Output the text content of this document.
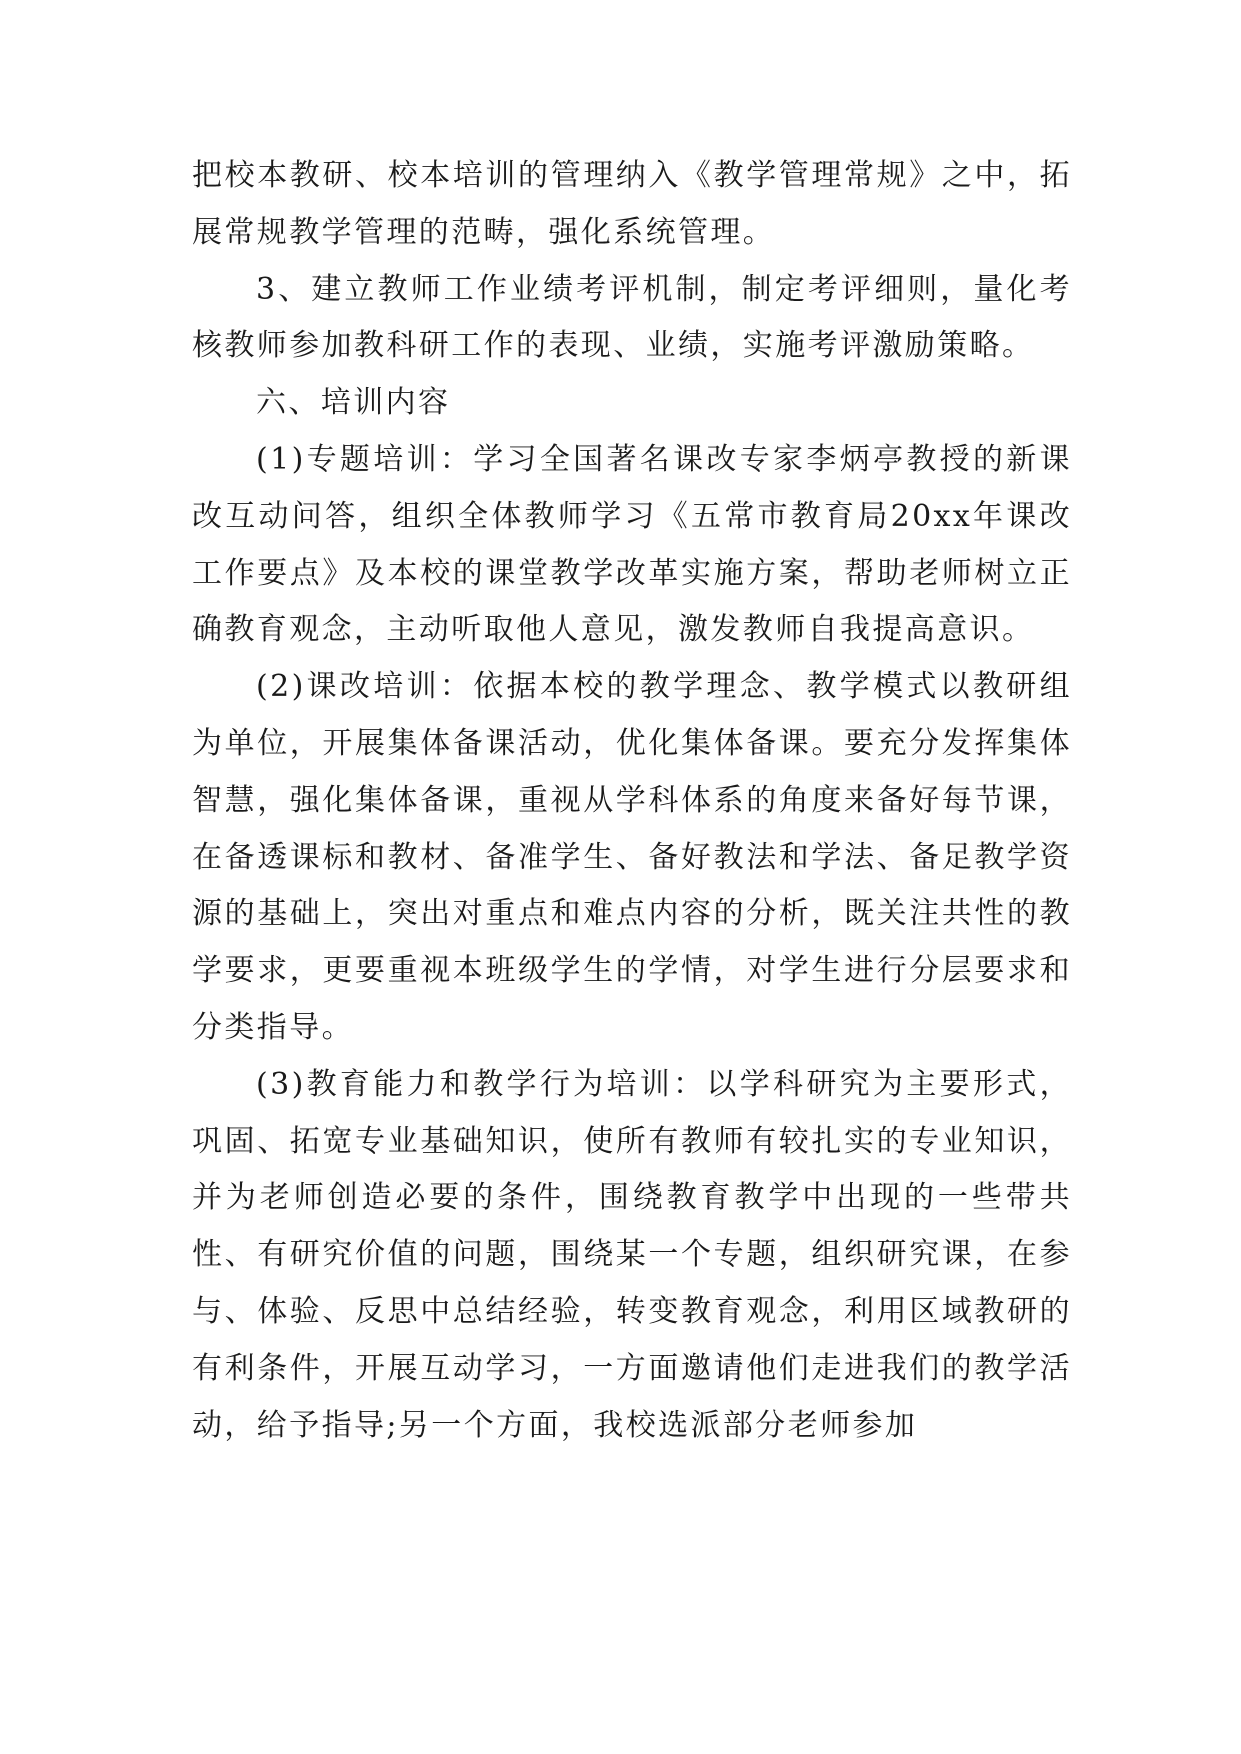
把校本教研、校本培训的管理纳入《教学管理常规》之中，拓展常规教学管理的范畴，强化系统管理。

3、建立教师工作业绩考评机制，制定考评细则，量化考核教师参加教科研工作的表现、业绩，实施考评激励策略。

六、培训内容

(1)专题培训：学习全国著名课改专家李炳亭教授的新课改互动问答，组织全体教师学习《五常市教育局20xx年课改工作要点》及本校的课堂教学改革实施方案，帮助老师树立正确教育观念，主动听取他人意见，激发教师自我提高意识。

(2)课改培训：依据本校的教学理念、教学模式以教研组为单位，开展集体备课活动，优化集体备课。要充分发挥集体智慧，强化集体备课，重视从学科体系的角度来备好每节课，在备透课标和教材、备准学生、备好教法和学法、备足教学资源的基础上，突出对重点和难点内容的分析，既关注共性的教学要求，更要重视本班级学生的学情，对学生进行分层要求和分类指导。

(3)教育能力和教学行为培训：以学科研究为主要形式，巩固、拓宽专业基础知识，使所有教师有较扎实的专业知识，并为老师创造必要的条件，围绕教育教学中出现的一些带共性、有研究价值的问题，围绕某一个专题，组织研究课，在参与、体验、反思中总结经验，转变教育观念，利用区域教研的有利条件，开展互动学习，一方面邀请他们走进我们的教学活动，给予指导;另一个方面，我校选派部分老师参加
